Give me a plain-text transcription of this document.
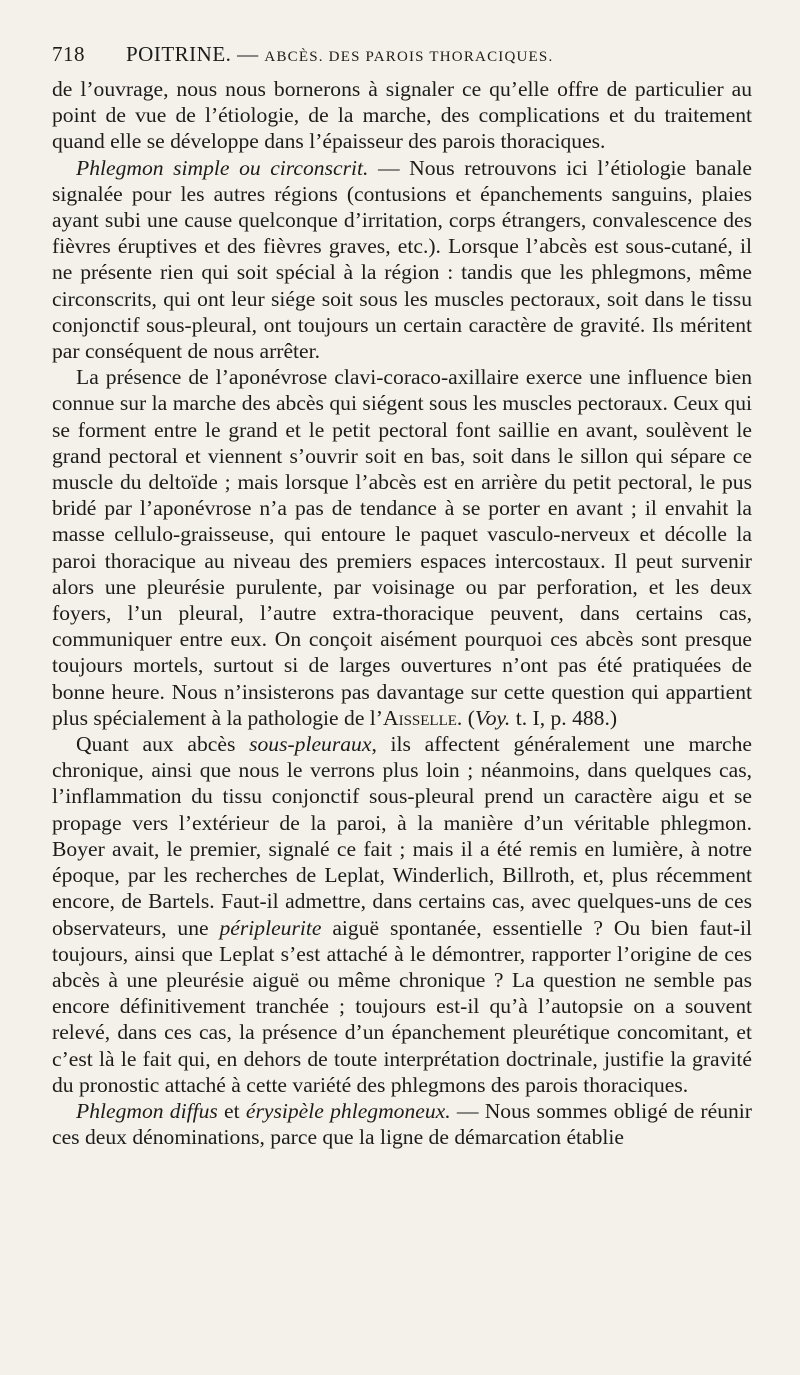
718	POITRINE. — ABCÈS. DES PAROIS THORACIQUES.

de l’ouvrage, nous nous bornerons à signaler ce qu’elle offre de particulier au point de vue de l’étiologie, de la marche, des complications et du traitement quand elle se développe dans l’épaisseur des parois thoraciques.

Phlegmon simple ou circonscrit. — Nous retrouvons ici l’étiologie banale signalée pour les autres régions (contusions et épanchements sanguins, plaies ayant subi une cause quelconque d’irritation, corps étrangers, convalescence des fièvres éruptives et des fièvres graves, etc.). Lorsque l’abcès est sous-cutané, il ne présente rien qui soit spécial à la région : tandis que les phlegmons, même circonscrits, qui ont leur siége soit sous les muscles pectoraux, soit dans le tissu conjonctif sous-pleural, ont toujours un certain caractère de gravité. Ils méritent par conséquent de nous arrêter.

La présence de l’aponévrose clavi-coraco-axillaire exerce une influence bien connue sur la marche des abcès qui siégent sous les muscles pectoraux. Ceux qui se forment entre le grand et le petit pectoral font saillie en avant, soulèvent le grand pectoral et viennent s’ouvrir soit en bas, soit dans le sillon qui sépare ce muscle du deltoïde ; mais lorsque l’abcès est en arrière du petit pectoral, le pus bridé par l’aponévrose n’a pas de tendance à se porter en avant ; il envahit la masse cellulo-graisseuse, qui entoure le paquet vasculo-nerveux et décolle la paroi thoracique au niveau des premiers espaces intercostaux. Il peut survenir alors une pleurésie purulente, par voisinage ou par perforation, et les deux foyers, l’un pleural, l’autre extra-thoracique peuvent, dans certains cas, communiquer entre eux. On conçoit aisément pourquoi ces abcès sont presque toujours mortels, surtout si de larges ouvertures n’ont pas été pratiquées de bonne heure. Nous n’insisterons pas davantage sur cette question qui appartient plus spécialement à la pathologie de l’Aisselle. (Voy. t. I, p. 488.)

Quant aux abcès sous-pleuraux, ils affectent généralement une marche chronique, ainsi que nous le verrons plus loin ; néanmoins, dans quelques cas, l’inflammation du tissu conjonctif sous-pleural prend un caractère aigu et se propage vers l’extérieur de la paroi, à la manière d’un véritable phlegmon. Boyer avait, le premier, signalé ce fait ; mais il a été remis en lumière, à notre époque, par les recherches de Leplat, Winderlich, Billroth, et, plus récemment encore, de Bartels. Faut-il admettre, dans certains cas, avec quelques-uns de ces observateurs, une péripleurite aiguë spontanée, essentielle ? Ou bien faut-il toujours, ainsi que Leplat s’est attaché à le démontrer, rapporter l’origine de ces abcès à une pleurésie aiguë ou même chronique ? La question ne semble pas encore définitivement tranchée ; toujours est-il qu’à l’autopsie on a souvent relevé, dans ces cas, la présence d’un épanchement pleurétique concomitant, et c’est là le fait qui, en dehors de toute interprétation doctrinale, justifie la gravité du pronostic attaché à cette variété des phlegmons des parois thoraciques.

Phlegmon diffus et érysipèle phlegmoneux. — Nous sommes obligé de réunir ces deux dénominations, parce que la ligne de démarcation établie
